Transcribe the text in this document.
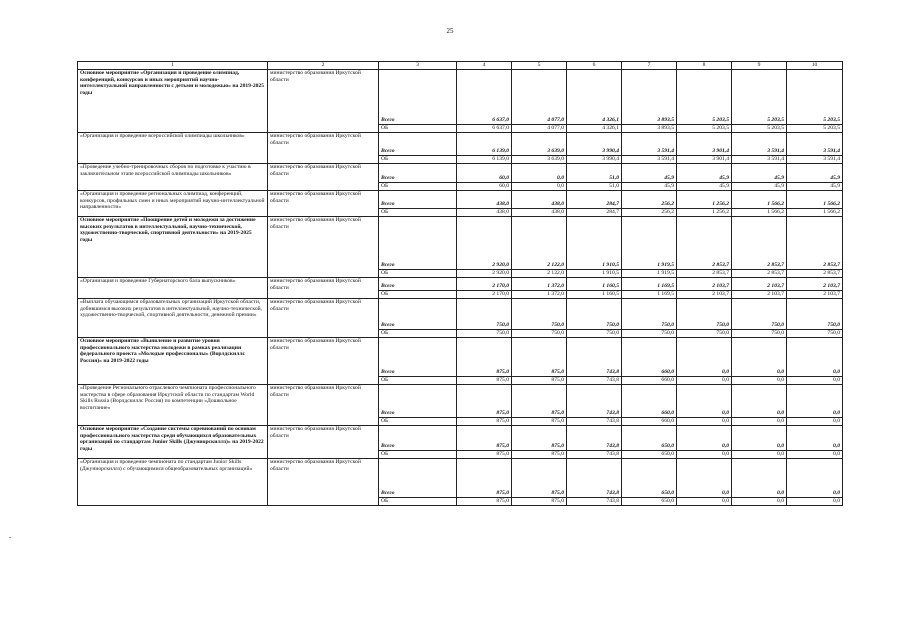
25
-
1	2	3	4	5	6	7	8	9	10
Основное мероприятие «Организация и проведение олимпиад, конференций, конкурсов и иных мероприятий научно-интеллектуальной направленности с детьми и молодежью» на 2019-2025 годы	министерство образования Иркутской области	Всего	6 637,0	4 077,0	4 326,1	3 893,5	5 203,5	5 203,5	5 203,5
		ОБ	6 637,0	4 077,0	4 326,1	3 893,5	5 203,5	5 203,5	5 203,5
«Организация и проведение всероссийской олимпиады школьников»	министерство образования Иркутской области	Всего	6 139,0	3 639,0	3 990,4	3 591,4	3 901,4	3 591,4	3 591,4
		ОБ	6 139,0	3 639,0	3 990,4	3 591,4	3 901,4	3 591,4	3 591,4
«Проведение учебно-тренировочных сборов по подготовке к участию в заключительном этапе всероссийской олимпиады школьников»	министерство образования Иркутской области	Всего	60,0	0,0	51,0	45,9	45,9	45,9	45,9
		ОБ	60,0	0,0	51,0	45,9	45,9	45,9	45,9
«Организация и проведение региональных олимпиад, конференций, конкурсов, профильных смен и иных мероприятий научно-интеллектуальной направленности»	министерство образования Иркутской области	Всего	438,0	438,0	284,7	256,2	1 256,2	1 566,2	1 566,2
		ОБ	438,0	438,0	284,7	256,2	1 256,2	1 566,2	1 566,2
Основное мероприятие «Поощрение детей и молодежи за достижение высоких результатов в интеллектуальной, научно-технической, художественно-творческой, спортивной деятельности» на 2019-2025 годы	министерство образования Иркутской области	Всего	2 920,0	2 122,0	1 910,5	1 919,5	2 853,7	2 853,7	2 853,7
		ОБ	2 920,0	2 122,0	1 910,5	1 919,5	2 853,7	2 853,7	2 853,7
«Организация и проведение Губернаторского бала выпускников»	министерство образования Иркутской области	Всего	2 170,0	1 372,0	1 160,5	1 169,5	2 103,7	2 103,7	2 103,7
		ОБ	2 170,0	1 372,0	1 160,5	1 169,5	2 103,7	2 103,7	2 103,7
«Выплата обучающимся образовательных организаций Иркутской области, добившимся высоких результатов в интеллектуальной, научно-технической, художественно-творческой, спортивной деятельности, денежной премии»	министерство образования Иркутской области	Всего	750,0	750,0	750,0	750,0	750,0	750,0	750,0
		ОБ	750,0	750,0	750,0	750,0	750,0	750,0	750,0
Основное мероприятие «Выявление и развитие уровня профессионального мастерства молодежи в рамках реализации федерального проекта «Молодые профессионалы» (Ворлдскиллс Россия)» на 2019-2022 годы	министерство образования Иркутской области	Всего	875,0	875,0	743,8	660,0	0,0	0,0	0,0
		ОБ	875,0	875,0	743,8	660,0	0,0	0,0	0,0
«Проведение Регионального отраслевого чемпионата профессионального мастерства в сфере образования Иркутской области по стандартам World Skills Russia (Ворлдскиллс Россия) по компетенции «Дошкольное воспитание»	министерство образования Иркутской области	Всего	875,0	875,0	743,8	660,0	0,0	0,0	0,0
		ОБ	875,0	875,0	743,8	660,0	0,0	0,0	0,0
Основное мероприятие «Создание системы соревнований по основам профессионального мастерства среди обучающихся образовательных организаций по стандартам Junior Skills (Джуниорскиллз)» на 2019-2022 годы	министерство образования Иркутской области	Всего	875,0	875,0	743,8	650,0	0,0	0,0	0,0
		ОБ	875,0	875,0	743,8	650,0	0,0	0,0	0,0
«Организация и проведение чемпионата по стандартам Junior Skills (Джуниорскиллз) с обучающимися общеобразовательных организаций»	министерство образования Иркутской области	Всего	875,0	875,0	743,8	650,0	0,0	0,0	0,0
		ОБ	875,0	875,0	743,8	650,0	0,0	0,0	0,0
